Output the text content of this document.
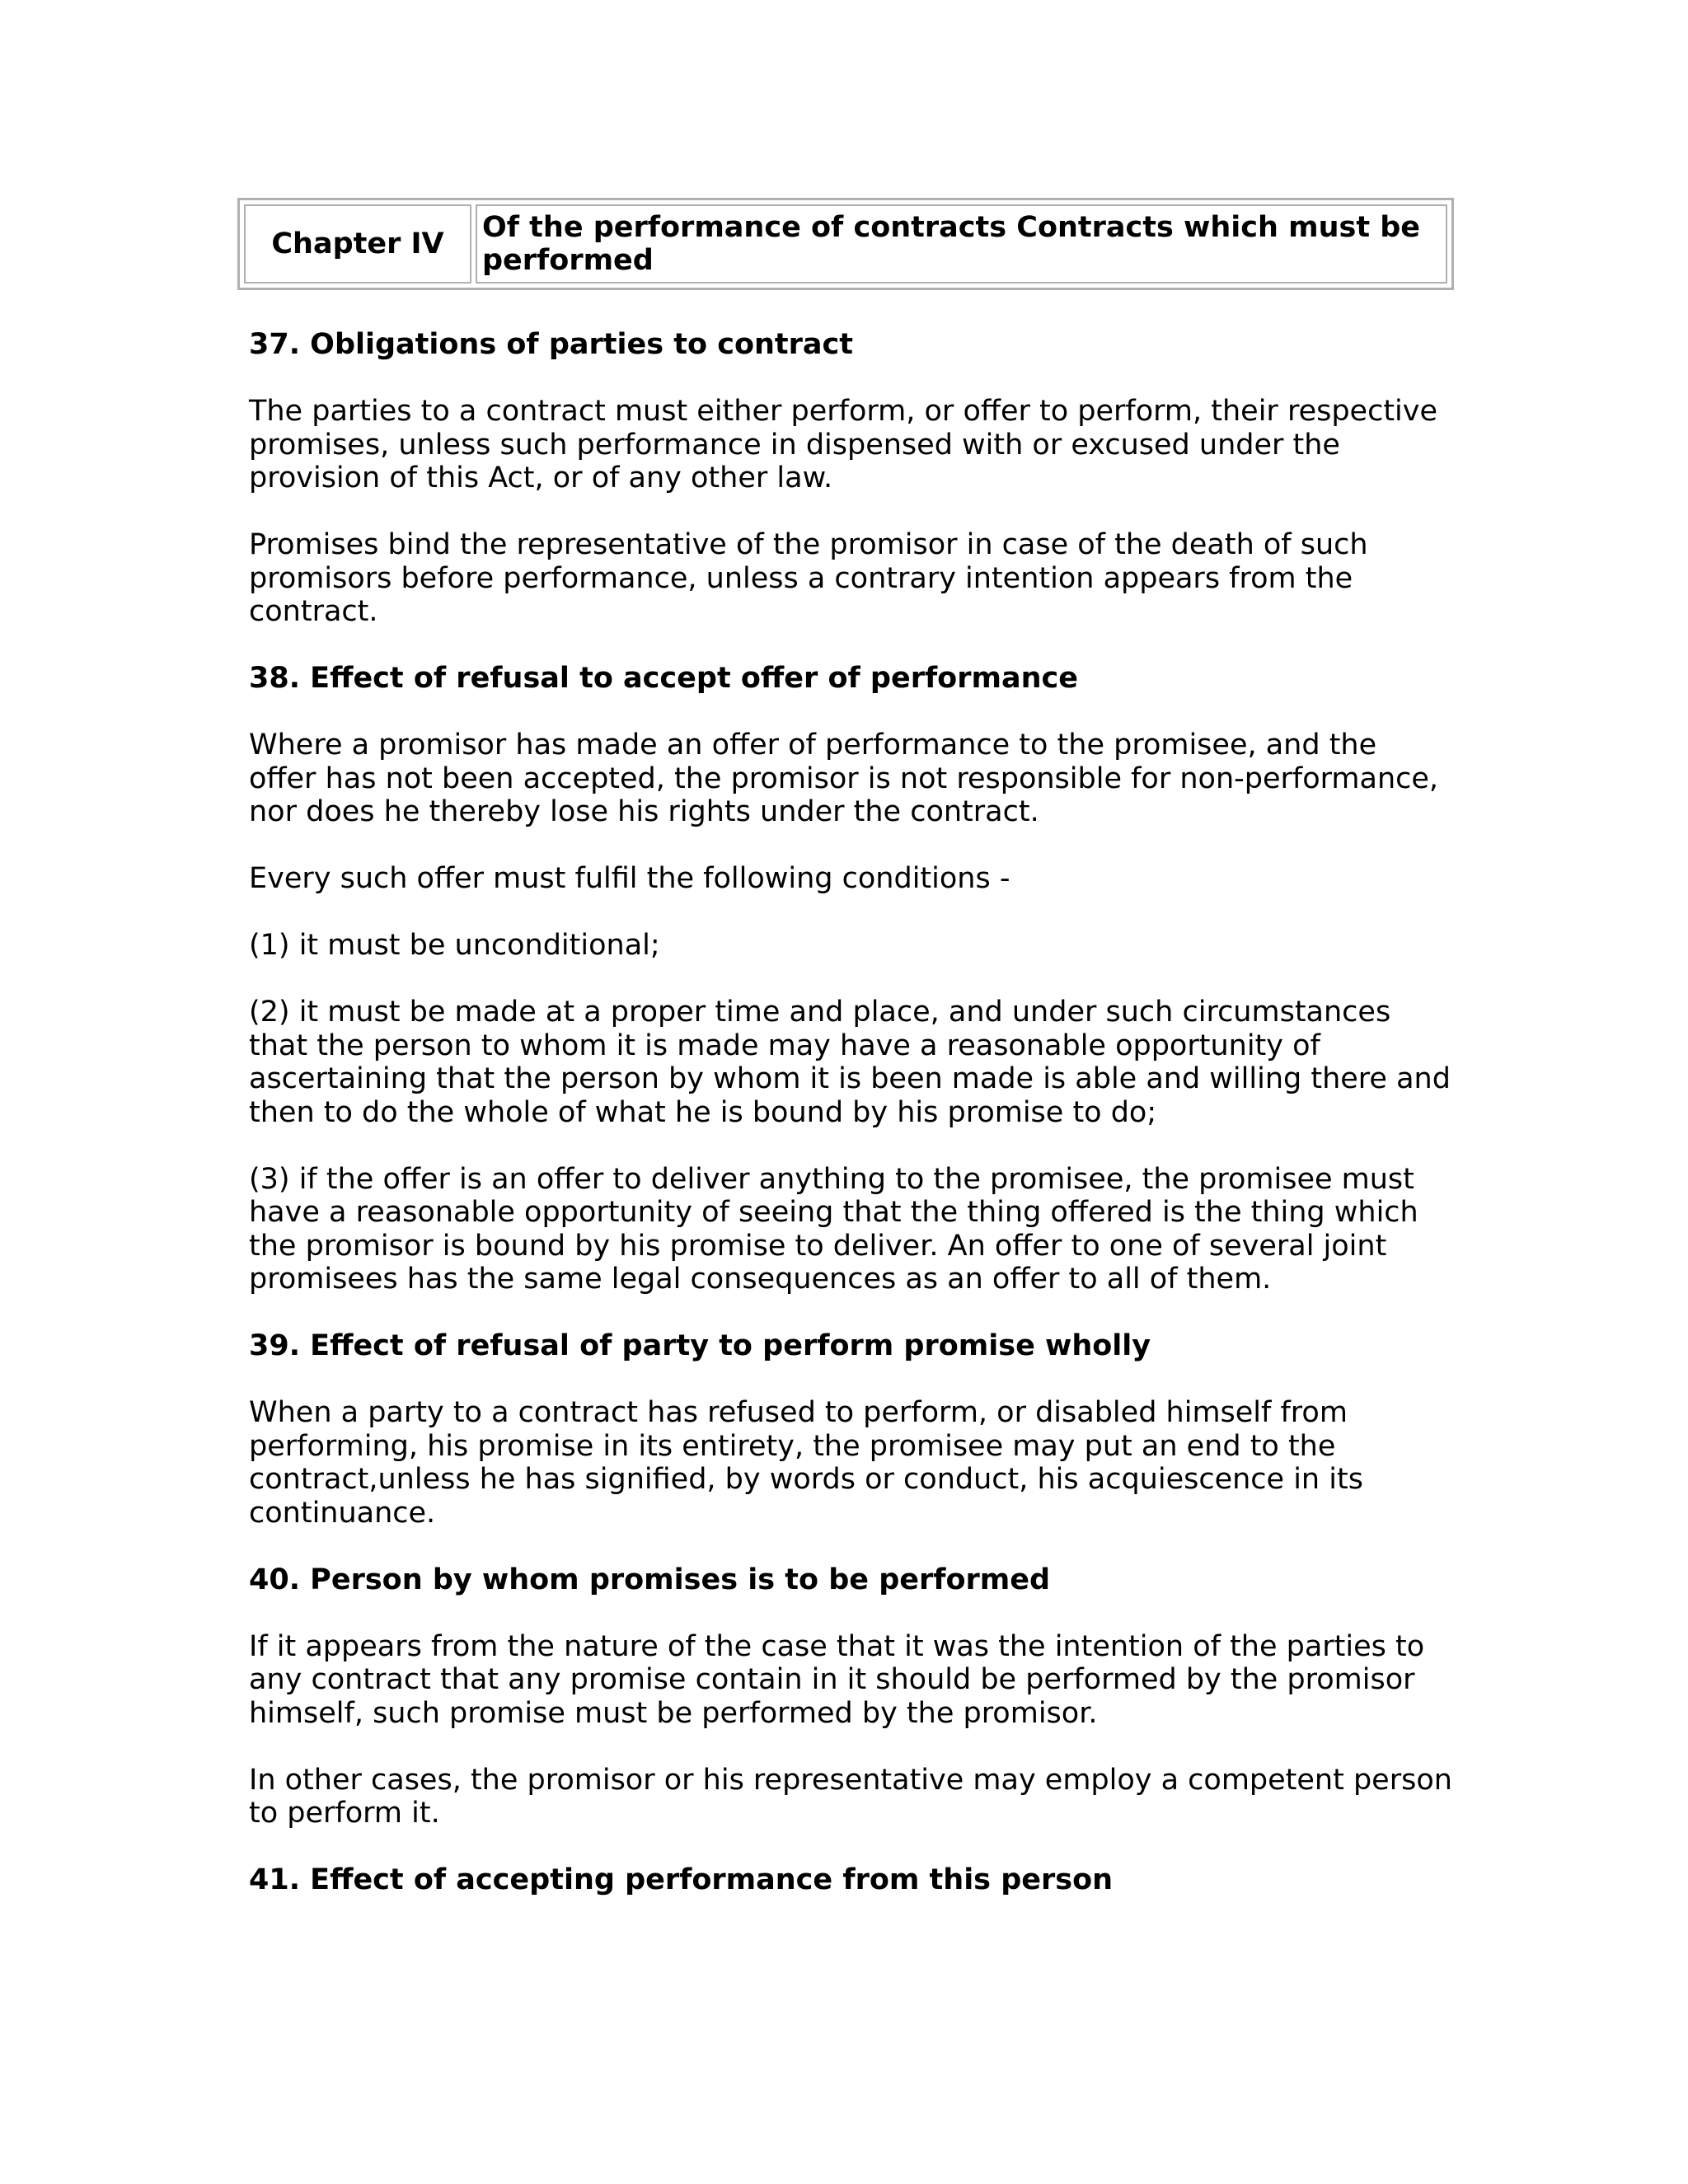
Chapter IV	Of the performance of contracts Contracts which must be performed
37. Obligations of parties to contract

The parties to a contract must either perform, or offer to perform, their respective promises, unless such performance in dispensed with or excused under the provision of this Act, or of any other law.

Promises bind the representative of the promisor in case of the death of such promisors before performance, unless a contrary intention appears from the contract.

38. Effect of refusal to accept offer of performance

Where a promisor has made an offer of performance to the promisee, and the offer has not been accepted, the promisor is not responsible for non-performance, nor does he thereby lose his rights under the contract.

Every such offer must fulfil the following conditions -

(1) it must be unconditional;

(2) it must be made at a proper time and place, and under such circumstances that the person to whom it is made may have a reasonable opportunity of ascertaining that the person by whom it is been made is able and willing there and then to do the whole of what he is bound by his promise to do;

(3) if the offer is an offer to deliver anything to the promisee, the promisee must have a reasonable opportunity of seeing that the thing offered is the thing which the promisor is bound by his promise to deliver. An offer to one of several joint promisees has the same legal consequences as an offer to all of them.

39. Effect of refusal of party to perform promise wholly

When a party to a contract has refused to perform, or disabled himself from performing, his promise in its entirety, the promisee may put an end to the contract,unless he has signified, by words or conduct, his acquiescence in its continuance.

40. Person by whom promises is to be performed

If it appears from the nature of the case that it was the intention of the parties to any contract that any promise contain in it should be performed by the promisor himself, such promise must be performed by the promisor.

In other cases, the promisor or his representative may employ a competent person to perform it.

41. Effect of accepting performance from this person
